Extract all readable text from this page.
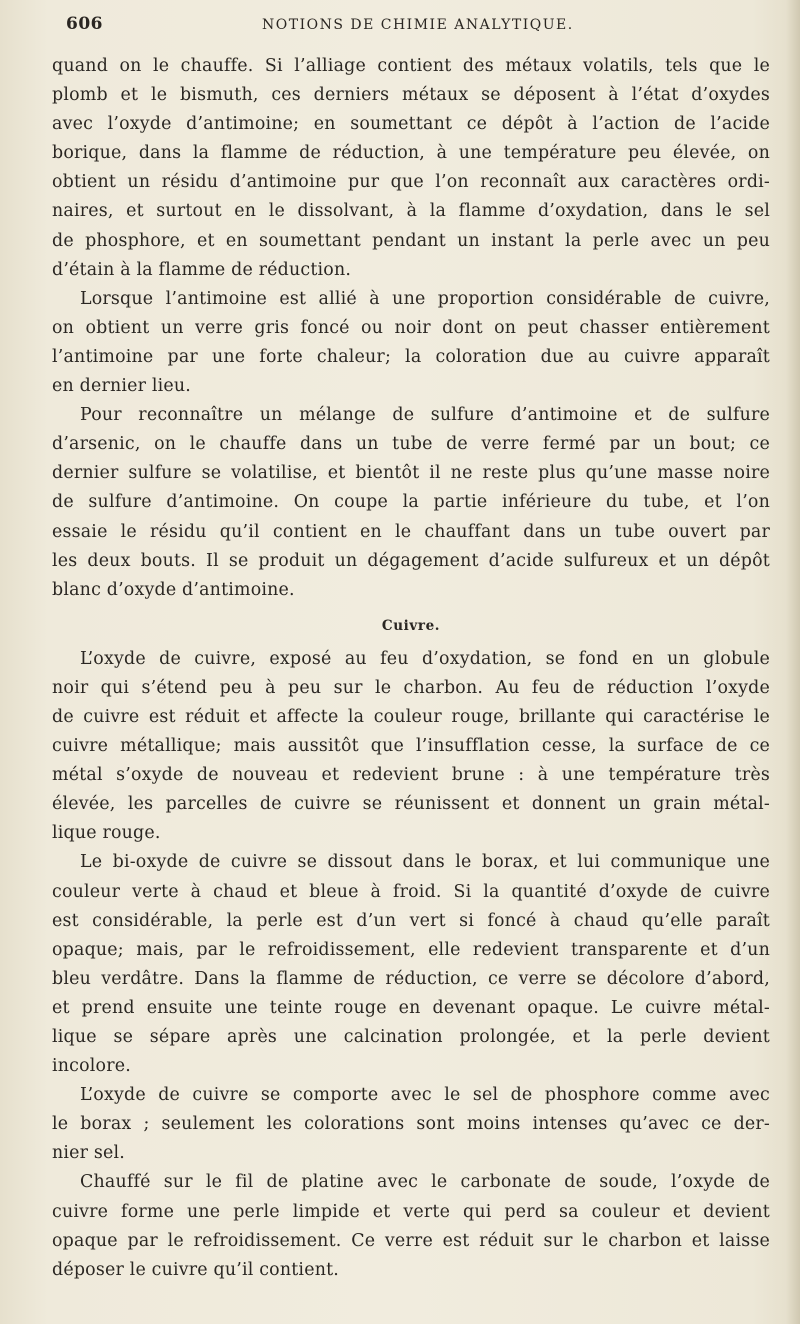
606	NOTIONS DE CHIMIE ANALYTIQUE.

quand on le chauffe. Si l’alliage contient des métaux volatils, tels que le
plomb et le bismuth, ces derniers métaux se déposent à l’état d’oxydes
avec l’oxyde d’antimoine; en soumettant ce dépôt à l’action de l’acide
borique, dans la flamme de réduction, à une température peu élevée, on
obtient un résidu d’antimoine pur que l’on reconnaît aux caractères ordi-
naires, et surtout en le dissolvant, à la flamme d’oxydation, dans le sel
de phosphore, et en soumettant pendant un instant la perle avec un peu
d’étain à la flamme de réduction.

Lorsque l’antimoine est allié à une proportion considérable de cuivre,
on obtient un verre gris foncé ou noir dont on peut chasser entièrement
l’antimoine par une forte chaleur; la coloration due au cuivre apparaît
en dernier lieu.

Pour reconnaître un mélange de sulfure d’antimoine et de sulfure
d’arsenic, on le chauffe dans un tube de verre fermé par un bout; ce
dernier sulfure se volatilise, et bientôt il ne reste plus qu’une masse noire
de sulfure d’antimoine. On coupe la partie inférieure du tube, et l’on
essaie le résidu qu’il contient en le chauffant dans un tube ouvert par
les deux bouts. Il se produit un dégagement d’acide sulfureux et un dépôt
blanc d’oxyde d’antimoine.

Cuivre.

L’oxyde de cuivre, exposé au feu d’oxydation, se fond en un globule
noir qui s’étend peu à peu sur le charbon. Au feu de réduction l’oxyde
de cuivre est réduit et affecte la couleur rouge, brillante qui caractérise le
cuivre métallique; mais aussitôt que l’insufflation cesse, la surface de ce
métal s’oxyde de nouveau et redevient brune : à une température très
élevée, les parcelles de cuivre se réunissent et donnent un grain métal-
lique rouge.

Le bi-oxyde de cuivre se dissout dans le borax, et lui communique une
couleur verte à chaud et bleue à froid. Si la quantité d’oxyde de cuivre
est considérable, la perle est d’un vert si foncé à chaud qu’elle paraît
opaque; mais, par le refroidissement, elle redevient transparente et d’un
bleu verdâtre. Dans la flamme de réduction, ce verre se décolore d’abord,
et prend ensuite une teinte rouge en devenant opaque. Le cuivre métal-
lique se sépare après une calcination prolongée, et la perle devient
incolore.

L’oxyde de cuivre se comporte avec le sel de phosphore comme avec
le borax ; seulement les colorations sont moins intenses qu’avec ce der-
nier sel.

Chauffé sur le fil de platine avec le carbonate de soude, l’oxyde de
cuivre forme une perle limpide et verte qui perd sa couleur et devient
opaque par le refroidissement. Ce verre est réduit sur le charbon et laisse
déposer le cuivre qu’il contient.
